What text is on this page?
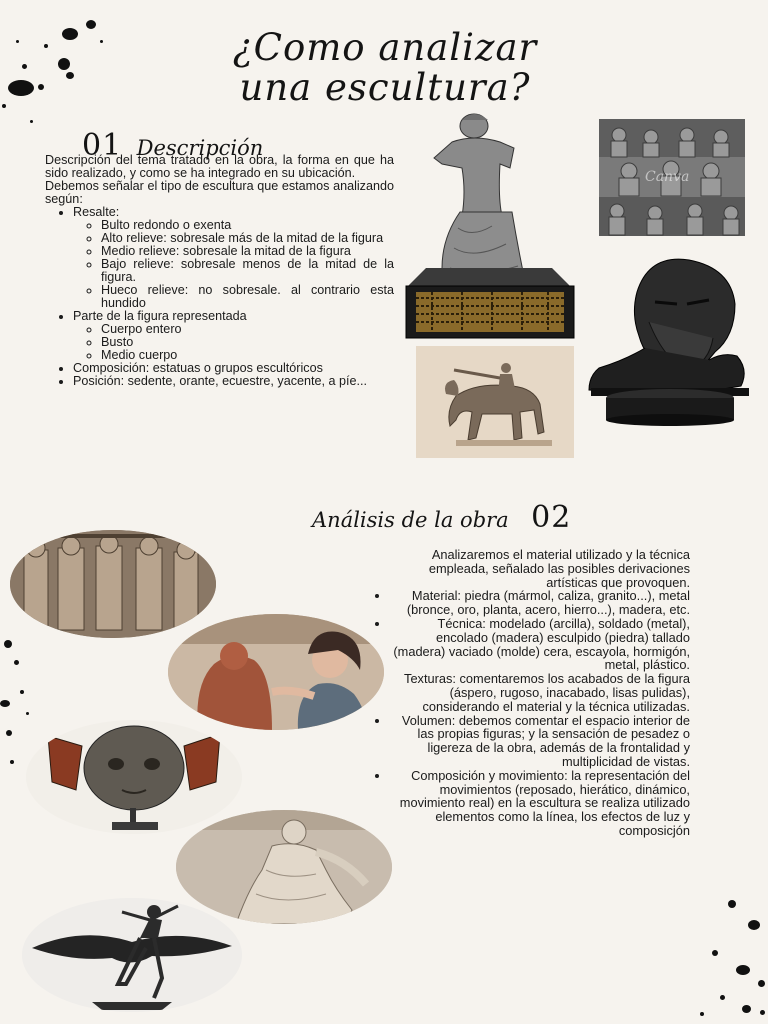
¿Como analizar
una escultura?
01 Descripción

Descripción del tema tratado en la obra, la forma en que ha sido realizado, y como se ha integrado en su ubicación.

Debemos señalar el tipo de escultura que estamos analizando según:

• Resalte:
◦ Bulto redondo o exenta
◦ Alto relieve: sobresale más de la mitad de la figura
◦ Medio relieve: sobresale la mitad de la figura
◦ Bajo relieve: sobresale menos de la mitad de la figura.
◦ Hueco relieve: no sobresale. al contrario esta hundido
• Parte de la figura representada
◦ Cuerpo entero
◦ Busto
◦ Medio cuerpo
• Composición: estatuas o grupos escultóricos
• Posición: sedente, orante, ecuestre, yacente, a píe...
Canva
Análisis de la obra 02

Analizaremos el material utilizado y la técnica empleada, señalado las posibles derivaciones artísticas que provoquen.

• Material: piedra (mármol, caliza, granito...), metal (bronce, oro, planta, acero, hierro...), madera, etc.
• Técnica: modelado (arcilla), soldado (metal), encolado (madera) esculpido (piedra) tallado (madera) vaciado (molde) cera, escayola, hormigón, metal, plástico.
• Texturas: comentaremos los acabados de la figura (áspero, rugoso, inacabado, lisas pulidas), considerando el material y la técnica utilizadas.
• Volumen: debemos comentar el espacio interior de las propias figuras; y la sensación de pesadez o ligereza de la obra, además de la frontalidad y multiplicidad de vistas.
• Composición y movimiento: la representación del movimientos (reposado, hierático, dinámico, movimiento real) en la escultura se realiza utilizado elementos como la línea, los efectos de luz y composicjón
